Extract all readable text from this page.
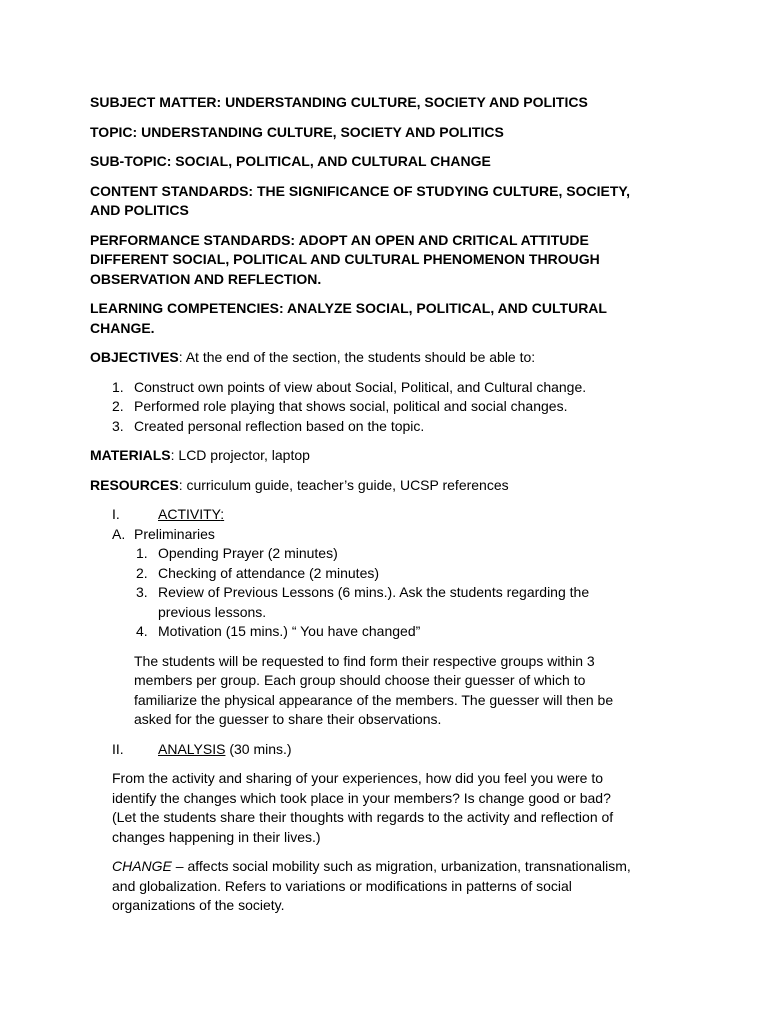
SUBJECT MATTER: UNDERSTANDING CULTURE, SOCIETY AND POLITICS
TOPIC: UNDERSTANDING CULTURE, SOCIETY AND POLITICS
SUB-TOPIC: SOCIAL, POLITICAL, AND CULTURAL CHANGE
CONTENT STANDARDS: THE SIGNIFICANCE OF STUDYING CULTURE, SOCIETY,
AND POLITICS
PERFORMANCE STANDARDS: ADOPT AN OPEN AND CRITICAL ATTITUDE
DIFFERENT SOCIAL, POLITICAL AND CULTURAL PHENOMENON THROUGH
OBSERVATION AND REFLECTION.
LEARNING COMPETENCIES: ANALYZE SOCIAL, POLITICAL, AND CULTURAL
CHANGE.
OBJECTIVES: At the end of the section, the students should be able to:
1. Construct own points of view about Social, Political, and Cultural change.
2. Performed role playing that shows social, political and social changes.
3. Created personal reflection based on the topic.
MATERIALS: LCD projector, laptop
RESOURCES: curriculum guide, teacher’s guide, UCSP references
I.	ACTIVITY:
A. Preliminaries
1. Opending Prayer (2 minutes)
2. Checking of attendance (2 minutes)
3. Review of Previous Lessons (6 mins.). Ask the students regarding the
previous lessons.
4. Motivation (15 mins.) “ You have changed”
The students will be requested to find form their respective groups within 3
members per group. Each group should choose their guesser of which to
familiarize the physical appearance of the members. The guesser will then be
asked for the guesser to share their observations.
II. ANALYSIS (30 mins.)
From the activity and sharing of your experiences, how did you feel you were to
identify the changes which took place in your members? Is change good or bad?
(Let the students share their thoughts with regards to the activity and reflection of
changes happening in their lives.)
CHANGE – affects social mobility such as migration, urbanization, transnationalism,
and globalization. Refers to variations or modifications in patterns of social
organizations of the society.
